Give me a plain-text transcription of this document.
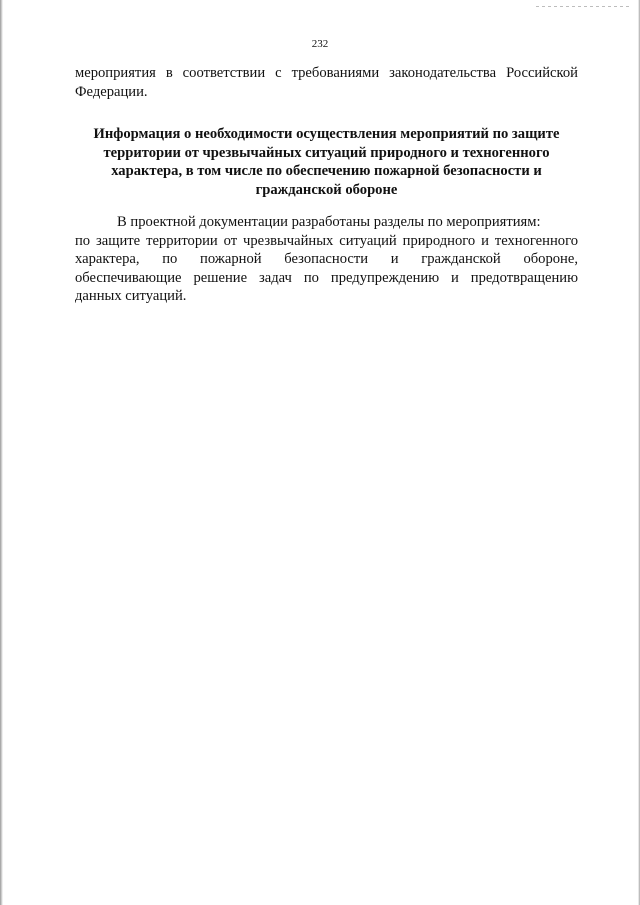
232

мероприятия в соответствии с требованиями законодательства Российской
Федерации.

Информация о необходимости осуществления мероприятий по защите
территории от чрезвычайных ситуаций природного и техногенного
характера, в том числе по обеспечению пожарной безопасности и
гражданской обороне

В проектной документации разработаны разделы по мероприятиям:
по защите территории от чрезвычайных ситуаций природного и техногенного
характера, по пожарной безопасности и гражданской обороне,
обеспечивающие решение задач по предупреждению и предотвращению
данных ситуаций.
